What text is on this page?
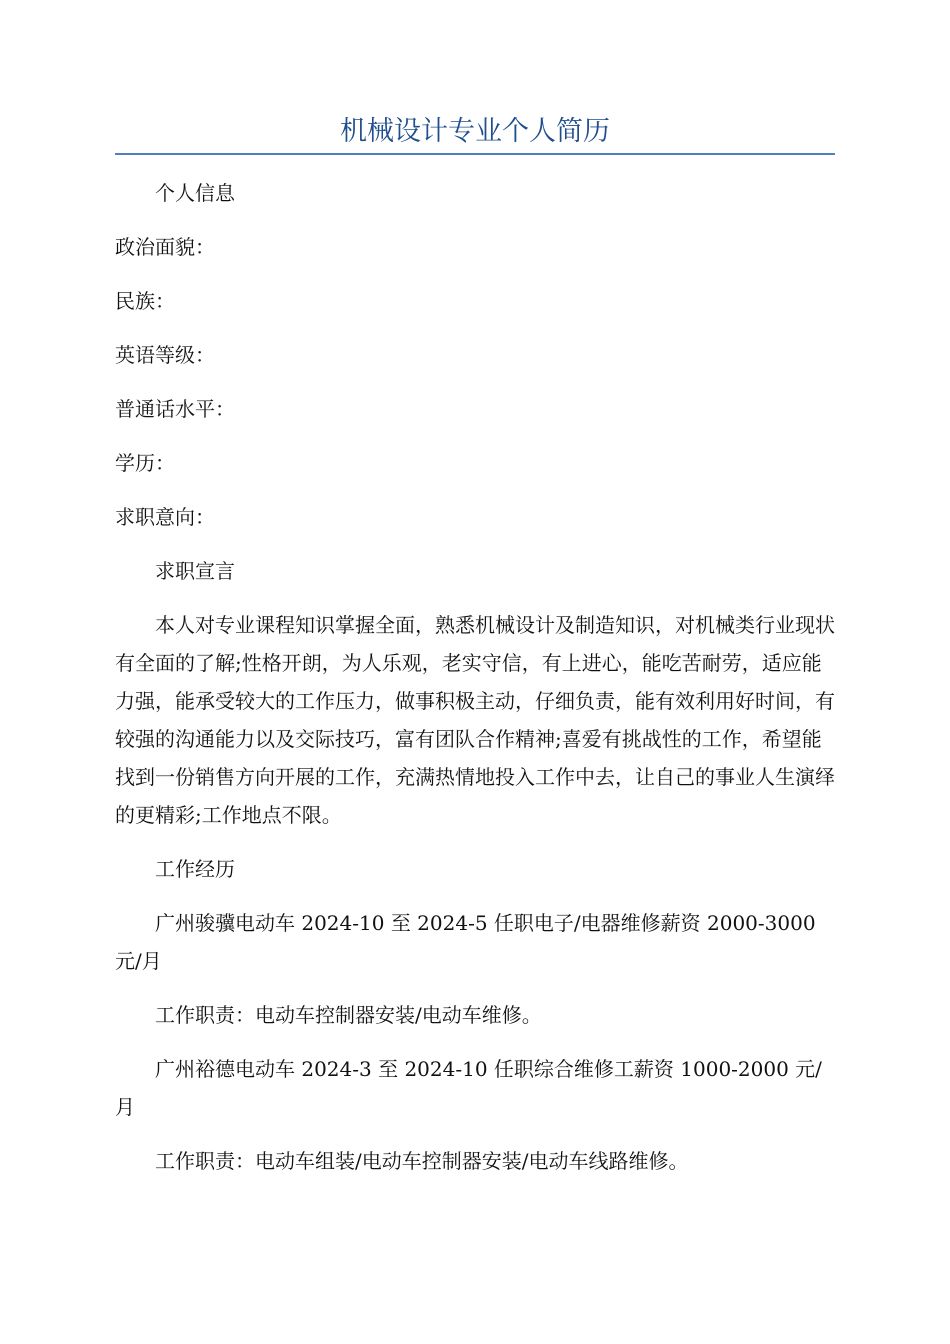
机械设计专业个人简历

个人信息

政治面貌：

民族：

英语等级：

普通话水平：

学历：

求职意向：

求职宣言

本人对专业课程知识掌握全面，熟悉机械设计及制造知识，对机械类行业现状有全面的了解;性格开朗，为人乐观，老实守信，有上进心，能吃苦耐劳，适应能力强，能承受较大的工作压力，做事积极主动，仔细负责，能有效利用好时间，有较强的沟通能力以及交际技巧，富有团队合作精神;喜爱有挑战性的工作，希望能找到一份销售方向开展的工作，充满热情地投入工作中去，让自己的事业人生演绎的更精彩;工作地点不限。

工作经历

广州骏骥电动车 2024-10 至 2024-5 任职电子/电器维修薪资 2000-3000 元/月

工作职责：电动车控制器安装/电动车维修。

广州裕德电动车 2024-3 至 2024-10 任职综合维修工薪资 1000-2000 元/月

工作职责：电动车组装/电动车控制器安装/电动车线路维修。
